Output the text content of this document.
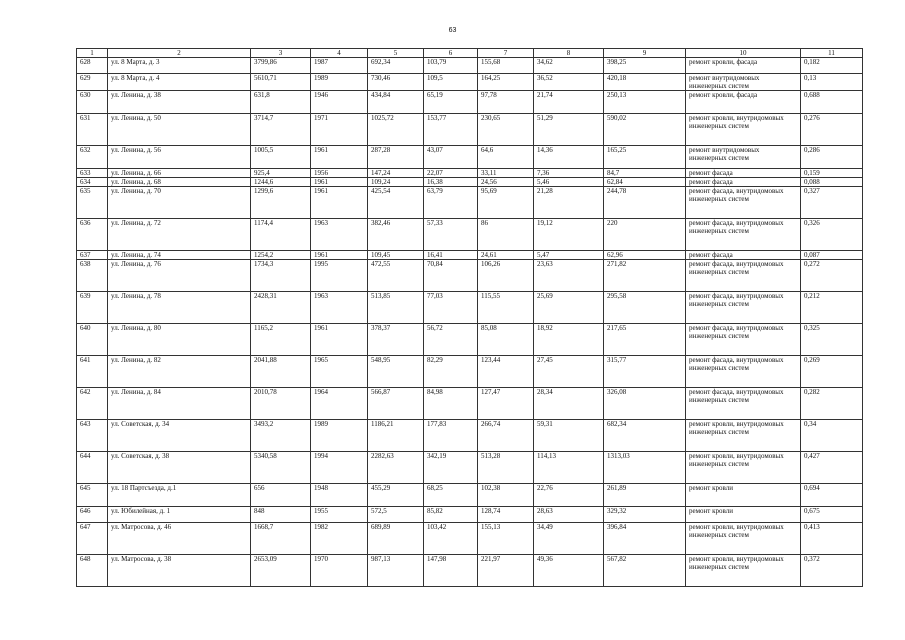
63
1	2	3	4	5	6	7	8	9	10	11
628	ул. 8 Марта, д. 3	3799,86	1987	692,34	103,79	155,68	34,62	398,25	ремонт кровли, фасада	0,182
629	ул. 8 Марта, д. 4	5610,71	1989	730,46	109,5	164,25	36,52	420,18	ремонт внутридомовых инженерных систем	0,13
630	ул. Ленина, д. 38	631,8	1946	434,84	65,19	97,78	21,74	250,13	ремонт кровли, фасада	0,688
631	ул. Ленина, д. 50	3714,7	1971	1025,72	153,77	230,65	51,29	590,02	ремонт кровли, внутридомовых инженерных систем	0,276
632	ул. Ленина, д. 56	1005,5	1961	287,28	43,07	64,6	14,36	165,25	ремонт внутридомовых инженерных систем	0,286
633	ул. Ленина, д. 66	925,4	1956	147,24	22,07	33,11	7,36	84,7	ремонт фасада	0,159
634	ул. Ленина, д. 68	1244,6	1961	109,24	16,38	24,56	5,46	62,84	ремонт фасада	0,088
635	ул. Ленина, д. 70	1299,6	1961	425,54	63,79	95,69	21,28	244,78	ремонт фасада, внутридомовых инженерных систем	0,327
636	ул. Ленина, д. 72	1174,4	1963	382,46	57,33	86	19,12	220	ремонт фасада, внутридомовых инженерных систем	0,326
637	ул. Ленина, д. 74	1254,2	1961	109,45	16,41	24,61	5,47	62,96	ремонт фасада	0,087
638	ул. Ленина, д. 76	1734,3	1995	472,55	70,84	106,26	23,63	271,82	ремонт фасада, внутридомовых инженерных систем	0,272
639	ул. Ленина, д. 78	2428,31	1963	513,85	77,03	115,55	25,69	295,58	ремонт фасада, внутридомовых инженерных систем	0,212
640	ул. Ленина, д. 80	1165,2	1961	378,37	56,72	85,08	18,92	217,65	ремонт фасада, внутридомовых инженерных систем	0,325
641	ул. Ленина, д. 82	2041,88	1965	548,95	82,29	123,44	27,45	315,77	ремонт фасада, внутридомовых инженерных систем	0,269
642	ул. Ленина, д. 84	2010,78	1964	566,87	84,98	127,47	28,34	326,08	ремонт фасада, внутридомовых инженерных систем	0,282
643	ул. Советская, д. 34	3493,2	1989	1186,21	177,83	266,74	59,31	682,34	ремонт кровли, внутридомовых инженерных систем	0,34
644	ул. Советская, д. 38	5340,58	1994	2282,63	342,19	513,28	114,13	1313,03	ремонт кровли, внутридомовых инженерных систем	0,427
645	ул. 18 Партсъезда, д.1	656	1948	455,29	68,25	102,38	22,76	261,89	ремонт кровли	0,694
646	ул. Юбилейная, д. 1	848	1955	572,5	85,82	128,74	28,63	329,32	ремонт кровли	0,675
647	ул. Матросова, д. 46	1668,7	1982	689,89	103,42	155,13	34,49	396,84	ремонт кровли, внутридомовых инженерных систем	0,413
648	ул. Матросова, д. 38	2653,09	1970	987,13	147,98	221,97	49,36	567,82	ремонт кровли, внутридомовых инженерных систем	0,372
